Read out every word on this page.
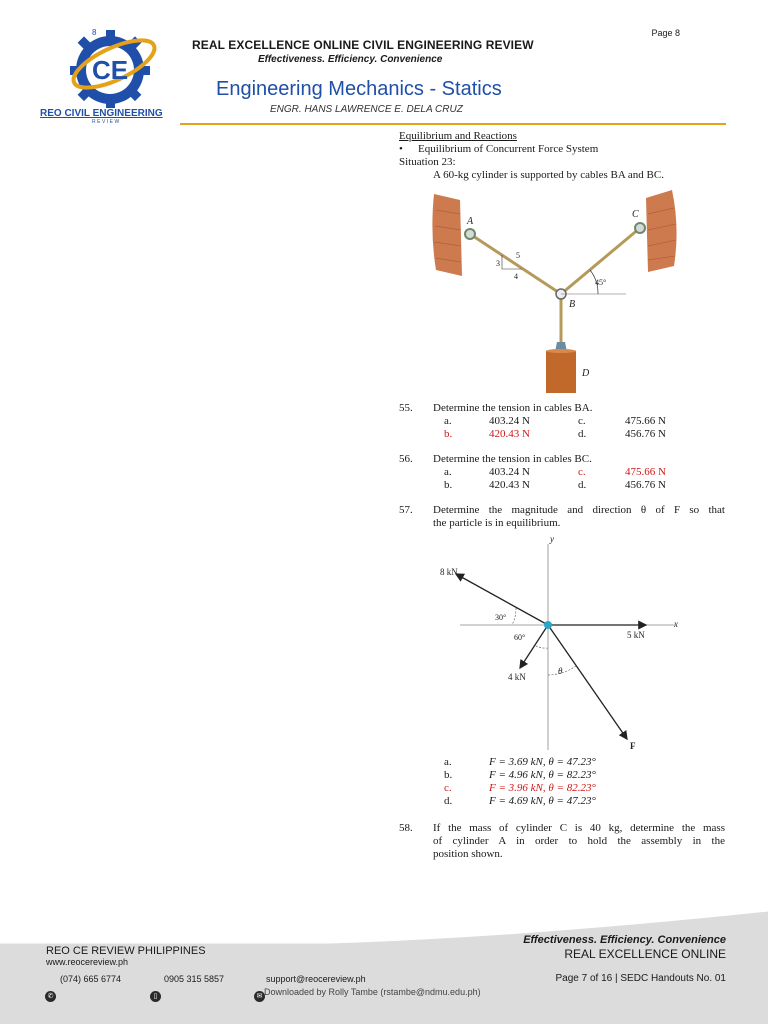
Page 8
CE
8
REO CIVIL ENGINEERING
REVIEW
REAL EXCELLENCE ONLINE CIVIL ENGINEERING REVIEW
Effectiveness. Efficiency. Convenience
Engineering Mechanics - Statics
ENGR. HANS LAWRENCE E. DELA CRUZ
Equilibrium and Reactions
• Equilibrium of Concurrent Force System
Situation 23:
A 60-kg cylinder is supported by cables BA and BC.
A
C
B
D
5
3
4
45°
55. Determine the tension in cables BA.
a.	403.24 N	c.	475.66 N
b.	420.43 N	d.	456.76 N
56. Determine the tension in cables BC.
a.	403.24 N	c.	475.66 N
b.	420.43 N	d.	456.76 N
57. Determine the magnitude and direction θ of F so that
the particle is in equilibrium.
y
x
8 kN
5 kN
4 kN
F
30°
60°
θ
a.	F = 3.69 kN, θ = 47.23°
b.	F = 4.96 kN, θ = 82.23°
c.	F = 3.96 kN, θ = 82.23°
d.	F = 4.69 kN, θ = 47.23°
58. If the mass of cylinder C is 40 kg, determine the mass
of cylinder A in order to hold the assembly in the
position shown.
Effectiveness. Efficiency. Convenience
REAL EXCELLENCE ONLINE
REO CE REVIEW PHILIPPINES
www.reocereview.ph
(074) 665 6774	0905 315 5857	support@reocereview.ph	Page 7 of 16 | SEDC Handouts No. 01
✆	▯	✉ Downloaded by Rolly Tambe (rstambe@ndmu.edu.ph)
